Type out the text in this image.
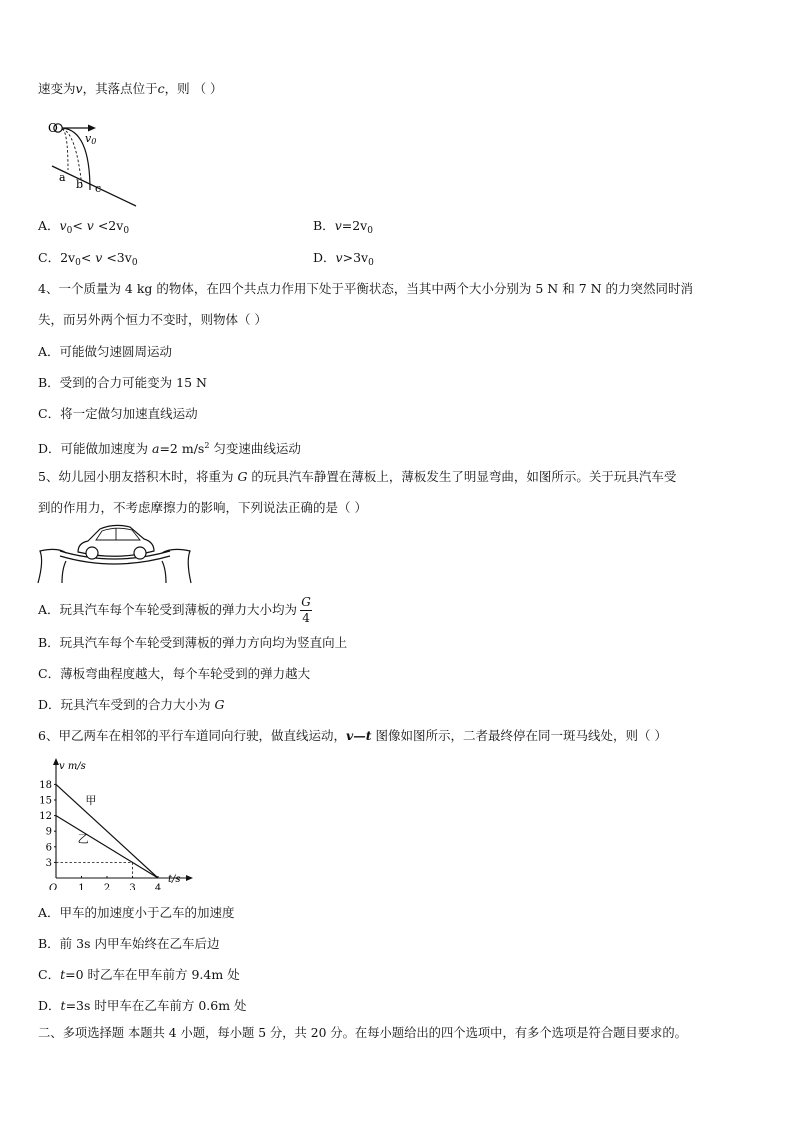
速变为v，其落点位于c，则 （ ）
O
v0
a
b c
A．$v_0< v <2v_0$	B．$v=2v_0$
C．$2v_0< v <3v_0$	D．$v>3v_0$
4、一个质量为 4 kg 的物体，在四个共点力作用下处于平衡状态，当其中两个大小分别为 5 N 和 7 N 的力突然同时消
失，而另外两个恒力不变时，则物体（ ）
A．可能做匀速圆周运动
B．受到的合力可能变为 15 N
C．将一定做匀加速直线运动
D．可能做加速度为 a=2 $m/s^2$ 匀变速曲线运动
5、幼儿园小朋友搭积木时，将重为 G 的玩具汽车静置在薄板上，薄板发生了明显弯曲，如图所示。关于玩具汽车受
到的作用力，不考虑摩擦力的影响，下列说法正确的是（ ）
A．玩具汽车每个车轮受到薄板的弹力大小均为 $\frac{G}{4}$
B．玩具汽车每个车轮受到薄板的弹力方向均为竖直向上
C．薄板弯曲程度越大，每个车轮受到的弹力越大
D．玩具汽车受到的合力大小为 G
6、甲乙两车在相邻的平行车道同向行驶，做直线运动，v—t 图像如图所示，二者最终停在同一斑马线处，则（ ）
v m/s
t/s
O
3
6
9
12
15
18
1 2 3 4
甲
乙
A．甲车的加速度小于乙车的加速度
B．前 3s 内甲车始终在乙车后边
C．t=0 时乙车在甲车前方 9.4m 处
D．t=3s 时甲车在乙车前方 0.6m 处
二、多项选择题 本题共 4 小题，每小题 5 分，共 20 分。在每小题给出的四个选项中，有多个选项是符合题目要求的。
